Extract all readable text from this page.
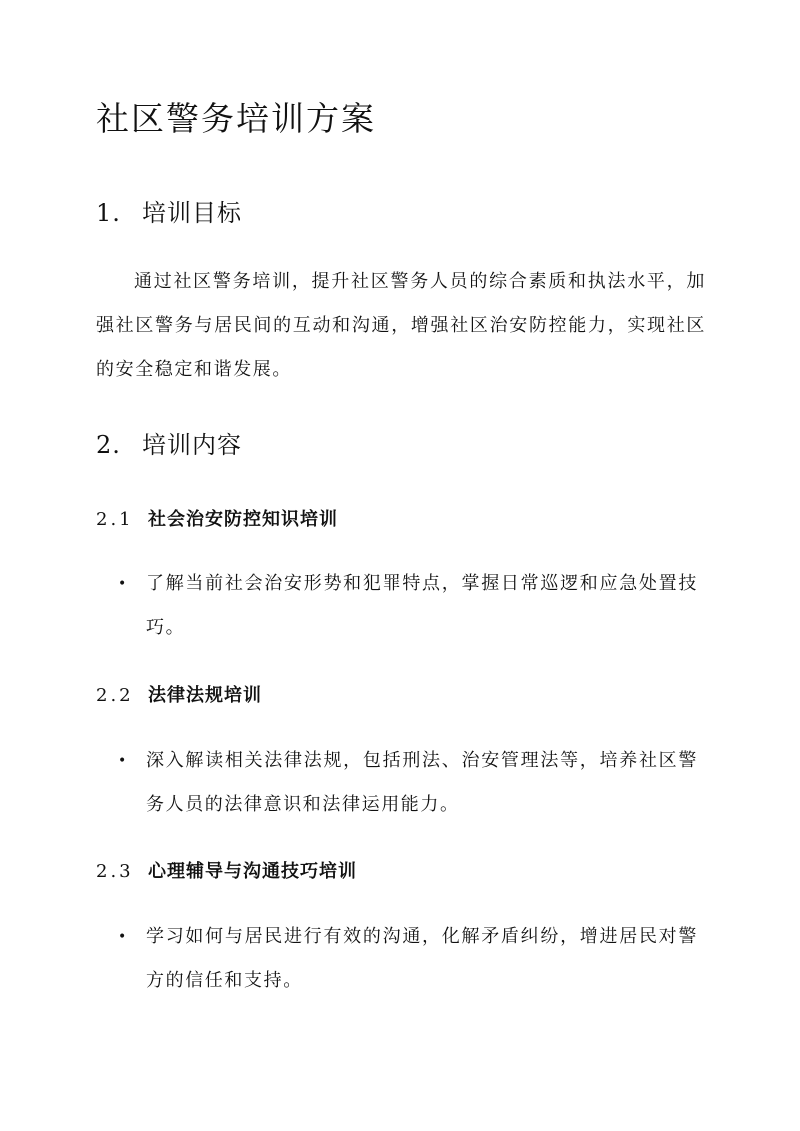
社区警务培训方案
1. 培训目标

通过社区警务培训，提升社区警务人员的综合素质和执法水平，加强社区警务与居民间的互动和沟通，增强社区治安防控能力，实现社区的安全稳定和谐发展。

2. 培训内容
2.1 社会治安防控知识培训
• 了解当前社会治安形势和犯罪特点，掌握日常巡逻和应急处置技巧。
2.2 法律法规培训
• 深入解读相关法律法规，包括刑法、治安管理法等，培养社区警务人员的法律意识和法律运用能力。
2.3 心理辅导与沟通技巧培训
• 学习如何与居民进行有效的沟通，化解矛盾纠纷，增进居民对警方的信任和支持。
